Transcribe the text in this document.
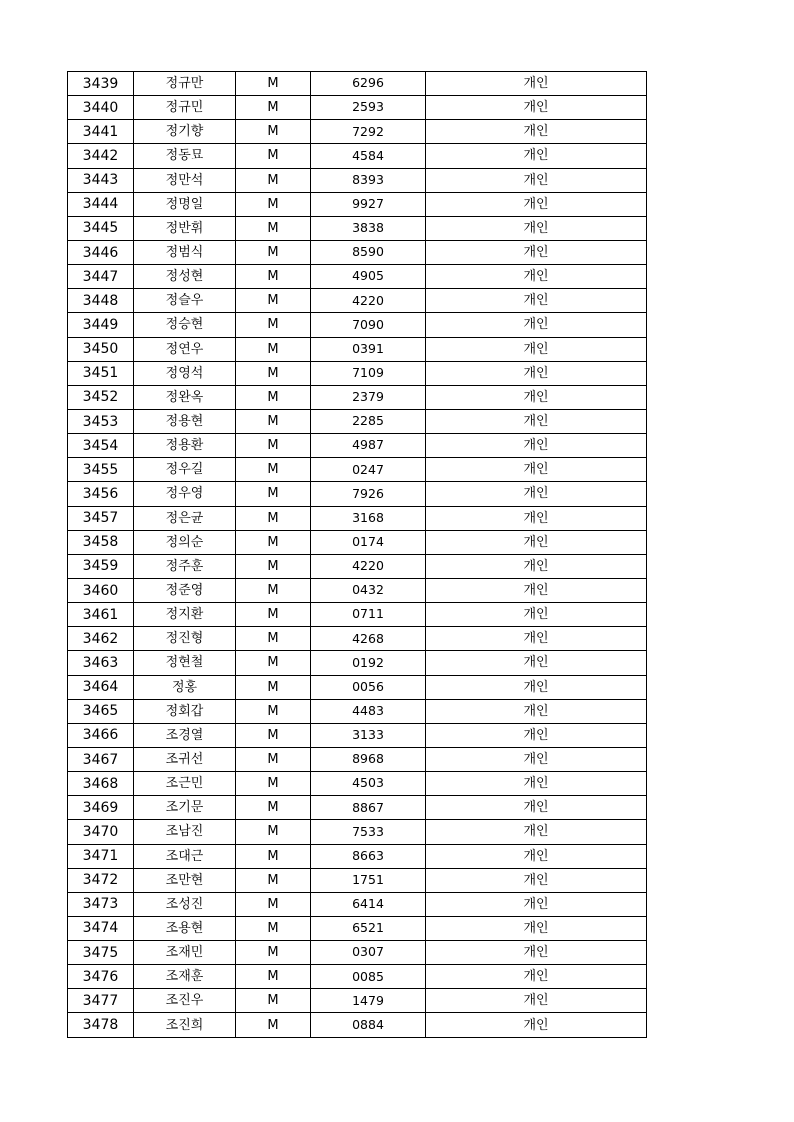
3439	정규만	M	6296	개인
3440	정규민	M	2593	개인
3441	정기향	M	7292	개인
3442	정동묘	M	4584	개인
3443	정만석	M	8393	개인
3444	정명일	M	9927	개인
3445	정반휘	M	3838	개인
3446	정범식	M	8590	개인
3447	정성현	M	4905	개인
3448	정슬우	M	4220	개인
3449	정승현	M	7090	개인
3450	정연우	M	0391	개인
3451	정영석	M	7109	개인
3452	정완옥	M	2379	개인
3453	정용현	M	2285	개인
3454	정용환	M	4987	개인
3455	정우길	M	0247	개인
3456	정우영	M	7926	개인
3457	정은균	M	3168	개인
3458	정의순	M	0174	개인
3459	정주훈	M	4220	개인
3460	정준영	M	0432	개인
3461	정지환	M	0711	개인
3462	정진형	M	4268	개인
3463	정현철	M	0192	개인
3464	정홍	M	0056	개인
3465	정회갑	M	4483	개인
3466	조경열	M	3133	개인
3467	조귀선	M	8968	개인
3468	조근민	M	4503	개인
3469	조기문	M	8867	개인
3470	조남진	M	7533	개인
3471	조대근	M	8663	개인
3472	조만현	M	1751	개인
3473	조성진	M	6414	개인
3474	조용현	M	6521	개인
3475	조재민	M	0307	개인
3476	조재훈	M	0085	개인
3477	조진우	M	1479	개인
3478	조진희	M	0884	개인
